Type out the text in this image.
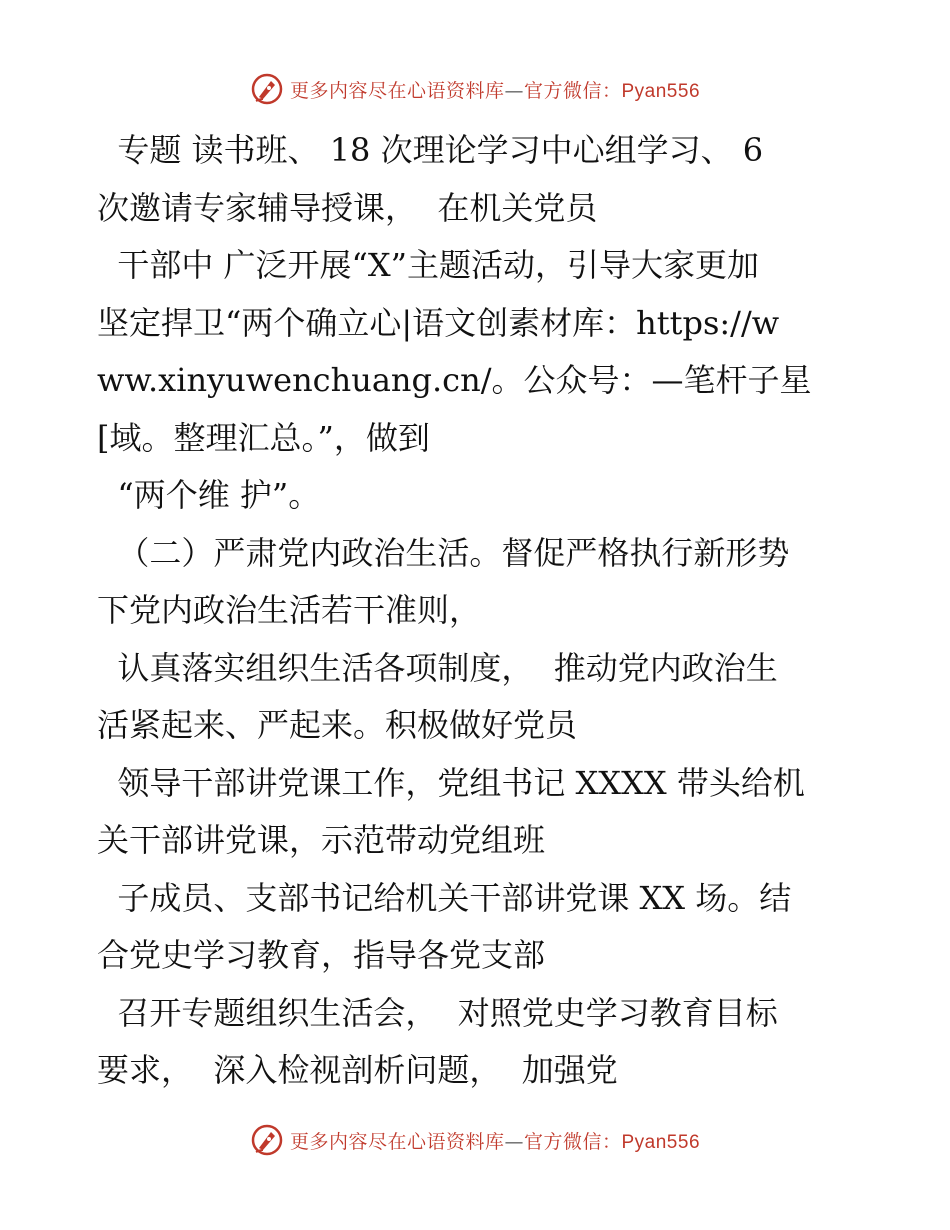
更多内容尽在心语资料库—官方微信：Pyan556
专题 读书班、 18 次理论学习中心组学习、 6
次邀请专家辅导授课，  在机关党员
干部中 广泛开展“X”主题活动，引导大家更加
坚定捍卫“两个确立心|语文创素材库：https://w
ww.xinyuwenchuang.cn/。公众号：—笔杆子星
[域。整理汇总。”，做到
“两个维 护”。
（二）严肃党内政治生活。督促严格执行新形势
下党内政治生活若干准则，
认真落实组织生活各项制度，  推动党内政治生
活紧起来、严起来。积极做好党员
领导干部讲党课工作，党组书记 XXXX 带头给机
关干部讲党课，示范带动党组班
子成员、支部书记给机关干部讲党课 XX 场。结
合党史学习教育，指导各党支部
召开专题组织生活会，  对照党史学习教育目标
要求，  深入检视剖析问题，  加强党
更多内容尽在心语资料库—官方微信：Pyan556
